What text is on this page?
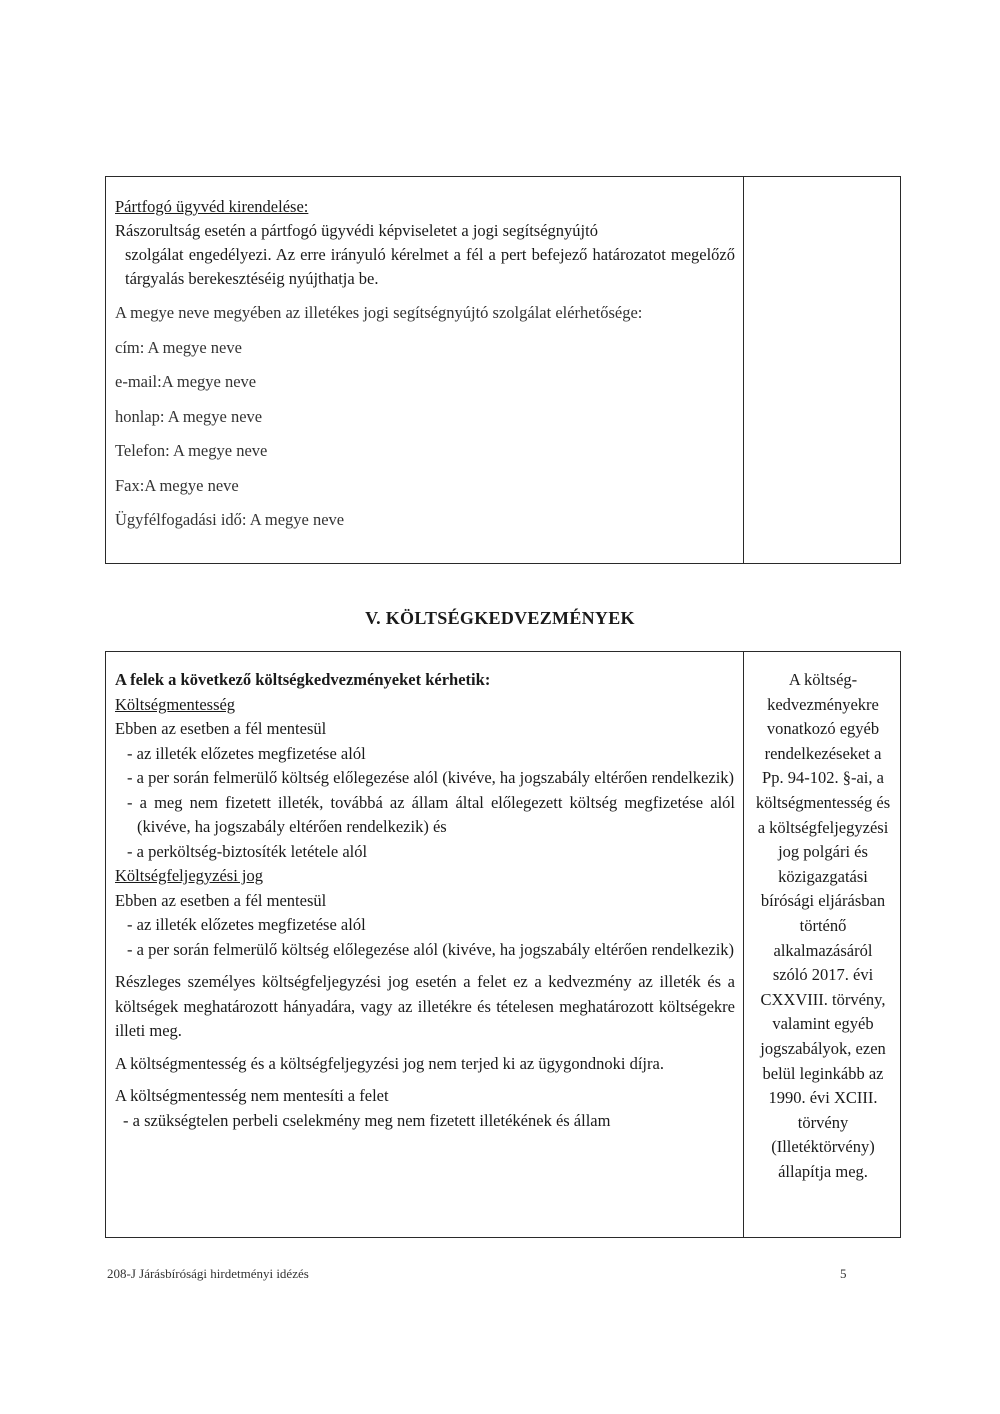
Pártfogó ügyvéd kirendelése:
Rászorultság esetén a pártfogó ügyvédi képviseletet a jogi segítségnyújtó
szolgálat engedélyezi. Az erre irányuló kérelmet a fél a pert befejező határozatot megelőző tárgyalás berekesztéséig nyújthatja be.
A megye neve megyében az illetékes jogi segítségnyújtó szolgálat elérhetősége:
cím: A megye neve
e-mail:A megye neve
honlap: A megye neve
Telefon: A megye neve
Fax:A megye neve
Ügyfélfogadási idő: A megye neve
V. KÖLTSÉGKEDVEZMÉNYEK
A felek a következő költségkedvezményeket kérhetik:
Költségmentesség
Ebben az esetben a fél mentesül
- az illeték előzetes megfizetése alól
- a per során felmerülő költség előlegezése alól (kivéve, ha jogszabály eltérően rendelkezik)
- a meg nem fizetett illeték, továbbá az állam által előlegezett költség megfizetése alól (kivéve, ha jogszabály eltérően rendelkezik) és
- a perköltség-biztosíték letétele alól
Költségfeljegyzési jog
Ebben az esetben a fél mentesül
- az illeték előzetes megfizetése alól
- a per során felmerülő költség előlegezése alól (kivéve, ha jogszabály eltérően rendelkezik)
Részleges személyes költségfeljegyzési jog esetén a felet ez a kedvezmény az illeték és a költségek meghatározott hányadára, vagy az illetékre és tételesen meghatározott költségekre illeti meg.
A költségmentesség és a költségfeljegyzési jog nem terjed ki az ügygondnoki díjra.
A költségmentesség nem mentesíti a felet
- a szükségtelen perbeli cselekmény meg nem fizetett illetékének és állam
A költség-
kedvezményekre
vonatkozó egyéb
rendelkezéseket a
Pp. 94-102. §-ai, a
költségmentesség és
a költségfeljegyzési
jog polgári és
közigazgatási
bírósági eljárásban
történő
alkalmazásáról
szóló 2017. évi
CXXVIII. törvény,
valamint egyéb
jogszabályok, ezen
belül leginkább az
1990. évi XCIII.
törvény
(Illetéktörvény)
állapítja meg.
208-J Járásbírósági hirdetményi idézés	5
